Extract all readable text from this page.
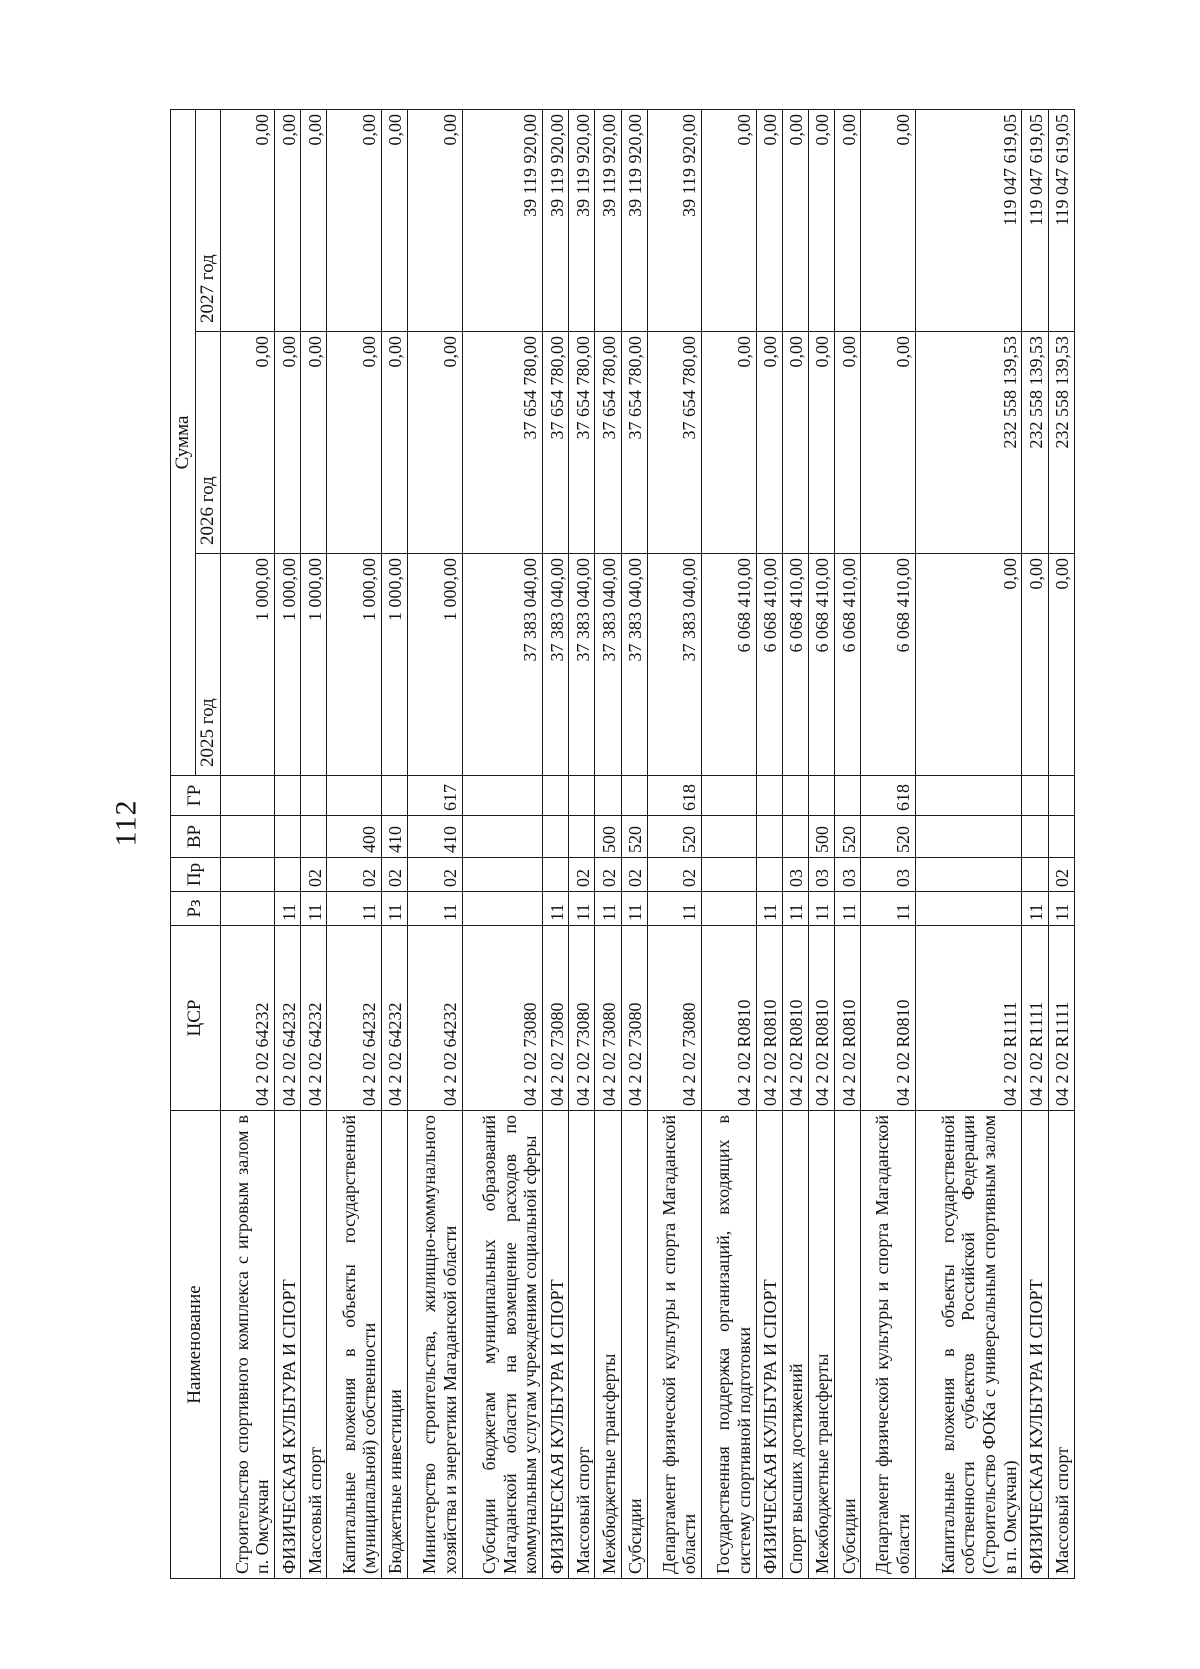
112
Наименование	ЦСР	Рз	Пр	ВР	ГР	Сумма		
						2025 год	2026 год	2027 год
Строительство спортивного комплекса с игровым залом в п. Омсукчан	04 2 02 64232					1 000,00	0,00	0,00
ФИЗИЧЕСКАЯ КУЛЬТУРА И СПОРТ	04 2 02 64232	11				1 000,00	0,00	0,00
Массовый спорт	04 2 02 64232	11	02			1 000,00	0,00	0,00
Капитальные вложения в объекты государственной (муниципальной) собственности	04 2 02 64232	11	02	400		1 000,00	0,00	0,00
Бюджетные инвестиции	04 2 02 64232	11	02	410		1 000,00	0,00	0,00
Министерство строительства, жилищно-коммунального хозяйства и энергетики Магаданской области	04 2 02 64232	11	02	410	617	1 000,00	0,00	0,00
Субсидии бюджетам муниципальных образований Магаданской области на возмещение расходов по коммунальным услугам учреждениям социальной сферы	04 2 02 73080					37 383 040,00	37 654 780,00	39 119 920,00
ФИЗИЧЕСКАЯ КУЛЬТУРА И СПОРТ	04 2 02 73080	11				37 383 040,00	37 654 780,00	39 119 920,00
Массовый спорт	04 2 02 73080	11	02			37 383 040,00	37 654 780,00	39 119 920,00
Межбюджетные трансферты	04 2 02 73080	11	02	500		37 383 040,00	37 654 780,00	39 119 920,00
Субсидии	04 2 02 73080	11	02	520		37 383 040,00	37 654 780,00	39 119 920,00
Департамент физической культуры и спорта Магаданской области	04 2 02 73080	11	02	520	618	37 383 040,00	37 654 780,00	39 119 920,00
Государственная поддержка организаций, входящих в систему спортивной подготовки	04 2 02 R0810					6 068 410,00	0,00	0,00
ФИЗИЧЕСКАЯ КУЛЬТУРА И СПОРТ	04 2 02 R0810	11				6 068 410,00	0,00	0,00
Спорт высших достижений	04 2 02 R0810	11	03			6 068 410,00	0,00	0,00
Межбюджетные трансферты	04 2 02 R0810	11	03	500		6 068 410,00	0,00	0,00
Субсидии	04 2 02 R0810	11	03	520		6 068 410,00	0,00	0,00
Департамент физической культуры и спорта Магаданской области	04 2 02 R0810	11	03	520	618	6 068 410,00	0,00	0,00
Капитальные вложения в объекты государственной собственности субъектов Российской Федерации (Строительство ФОКа с универсальным спортивным залом в п. Омсукчан)	04 2 02 R1111					0,00	232 558 139,53	119 047 619,05
ФИЗИЧЕСКАЯ КУЛЬТУРА И СПОРТ	04 2 02 R1111	11				0,00	232 558 139,53	119 047 619,05
Массовый спорт	04 2 02 R1111	11	02			0,00	232 558 139,53	119 047 619,05
